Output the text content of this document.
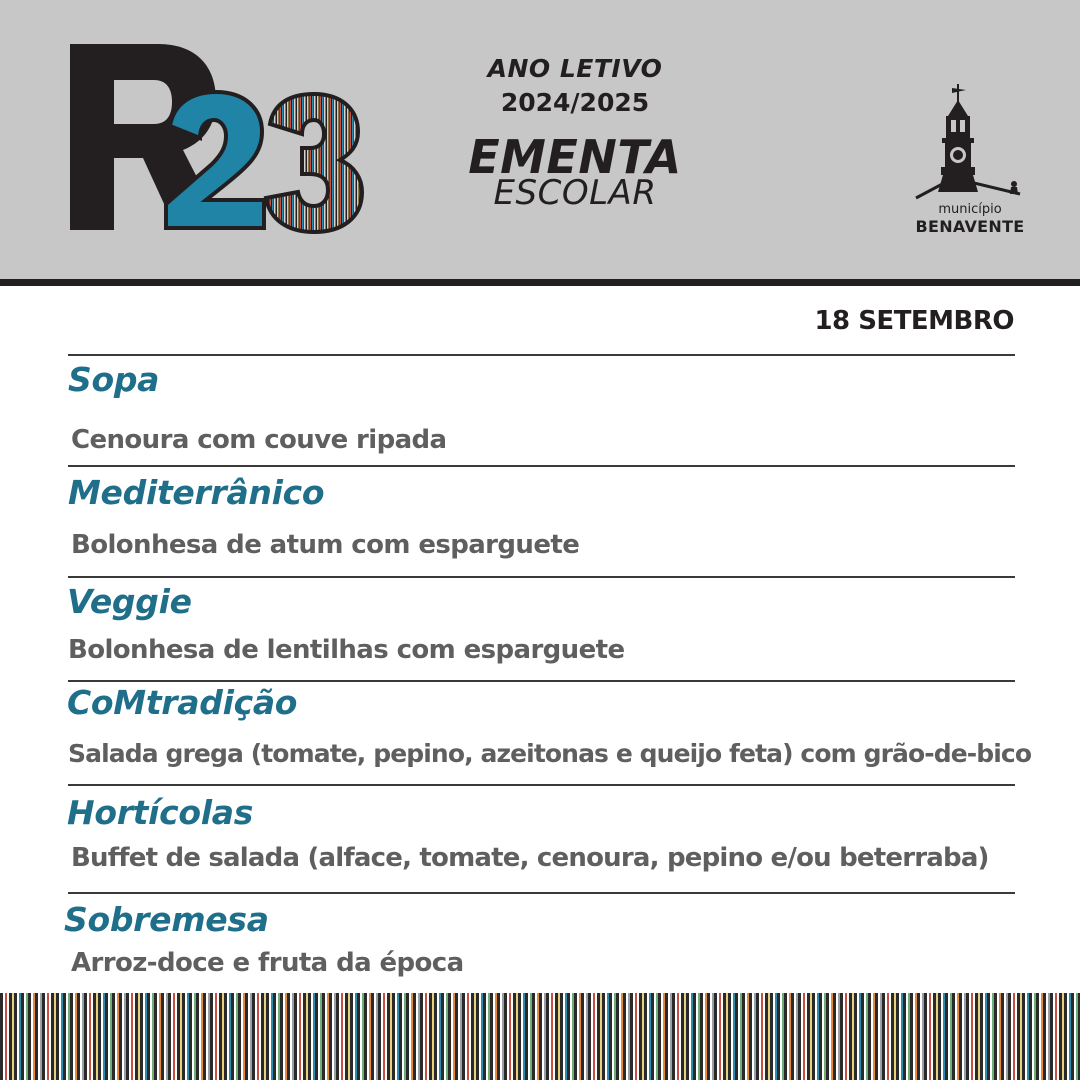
ANO LETIVO
2024/2025
EMENTA
ESCOLAR	município
BENAVENTE
18 SETEMBRO
Sopa
Cenoura com couve ripada
Mediterrânico
Bolonhesa de atum com esparguete
Veggie
Bolonhesa de lentilhas com esparguete
CoMtradição
Salada grega (tomate, pepino, azeitonas e queijo feta) com grão-de-bico
Hortícolas
Buffet de salada (alface, tomate, cenoura, pepino e/ou beterraba)
Sobremesa
Arroz-doce e fruta da época
